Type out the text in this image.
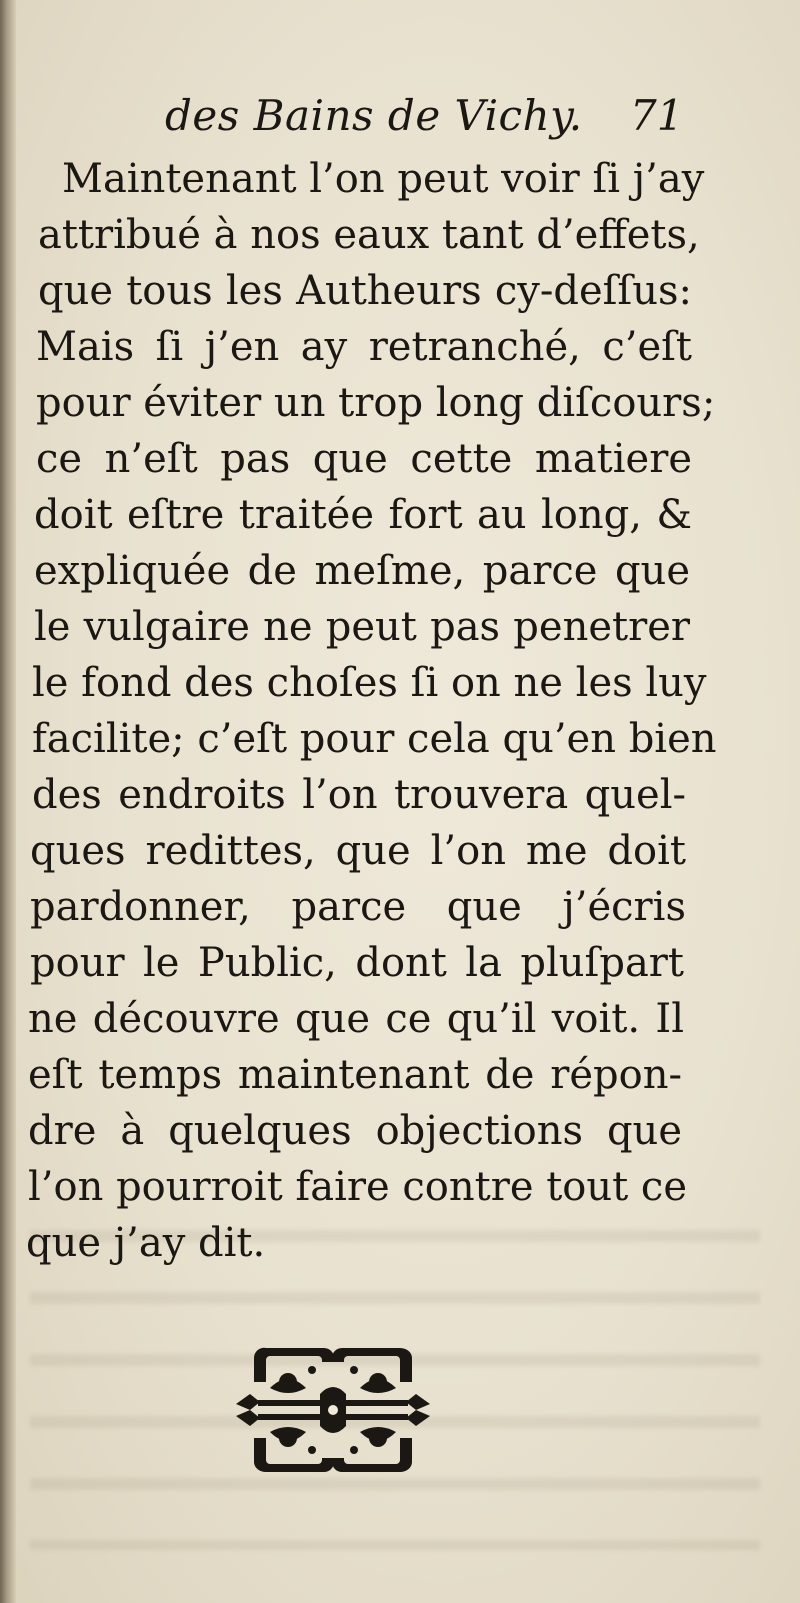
des Bains de Vichy. 71
Maintenant l’on peut voir ſi j’ay
attribué à nos eaux tant d’effets,
que tous les Autheurs cy-deſſus:
Mais ſi j’en ay retranché, c’eſt
pour éviter un trop long diſcours;
ce n’eſt pas que cette matiere
doit eſtre traitée fort au long, &
expliquée de meſme, parce que
le vulgaire ne peut pas penetrer
le fond des choſes ſi on ne les luy
facilite; c’eſt pour cela qu’en bien
des endroits l’on trouvera quel-
ques redittes, que l’on me doit
pardonner, parce que j’écris
pour le Public, dont la pluſpart
ne découvre que ce qu’il voit. Il
eſt temps maintenant de répon-
dre à quelques objections que
l’on pourroit faire contre tout ce
que j’ay dit.
